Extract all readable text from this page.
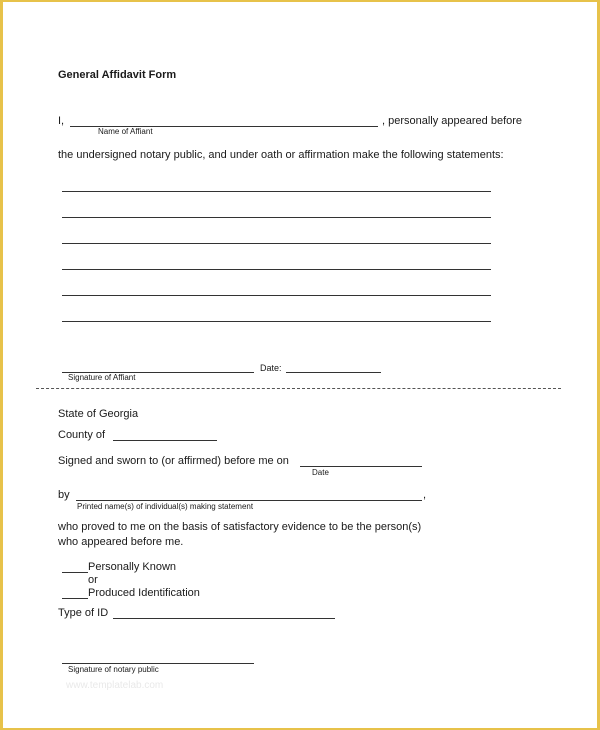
General Affidavit Form
I,	, personally appeared before
Name of Affiant
the undersigned notary public, and under oath or affirmation make the following statements:
Signature of Affiant
Date:
State of Georgia
County of
Signed and sworn to (or affirmed) before me on
Date
by	,
Printed name(s) of individual(s) making statement
who proved to me on the basis of satisfactory evidence to be the person(s)
who appeared before me.
Personally Known
or
Produced Identification
Type of ID
Signature of notary public
www.templatelab.com
